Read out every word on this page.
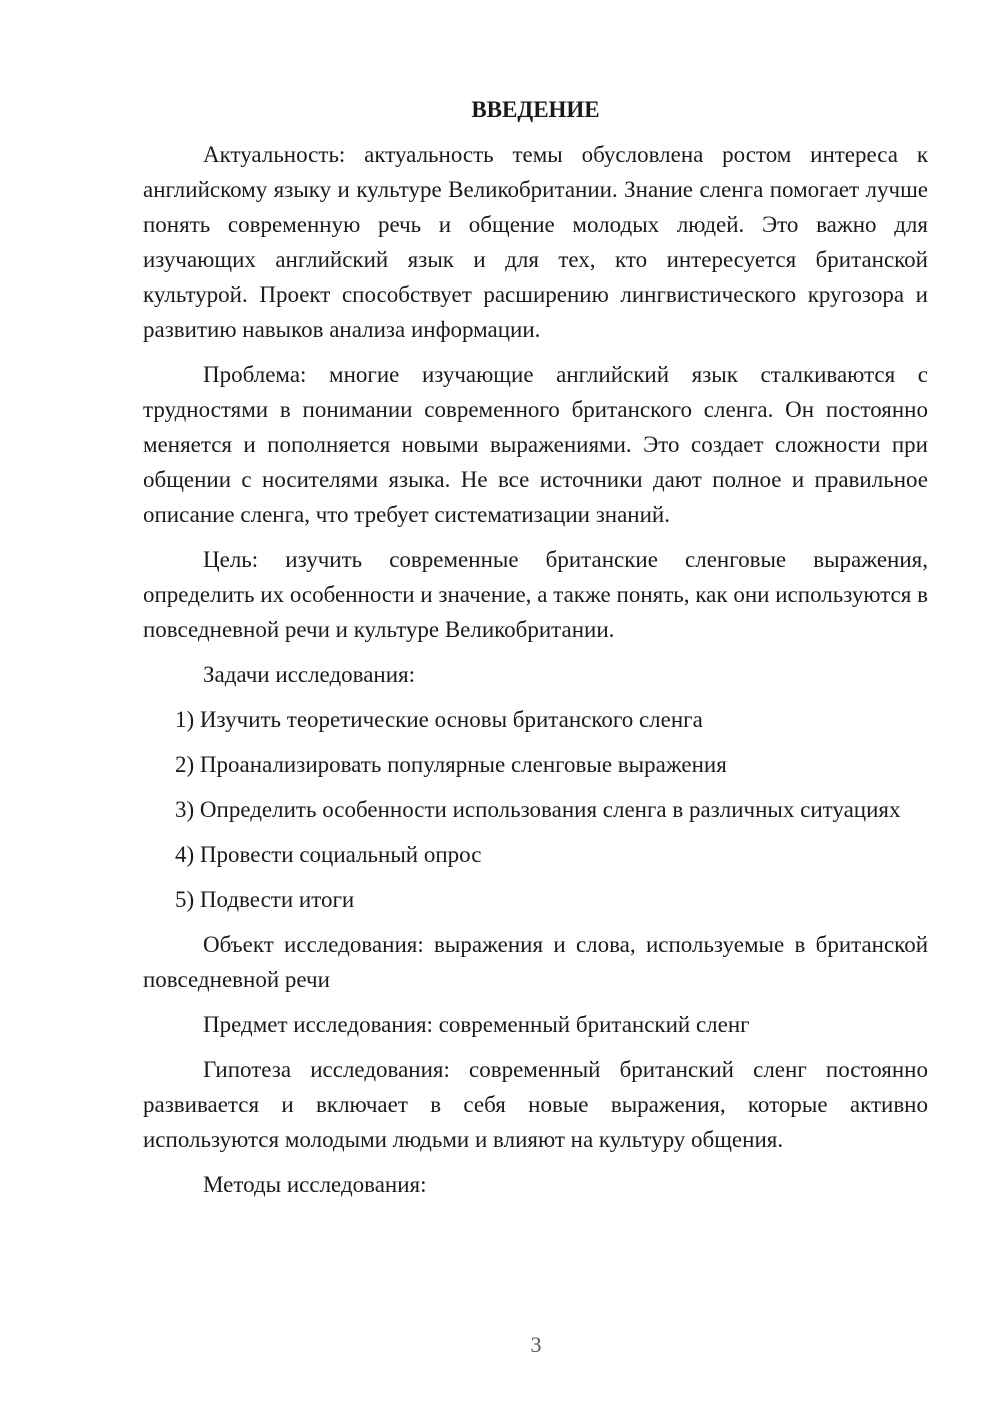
ВВЕДЕНИЕ

Актуальность: актуальность темы обусловлена ростом интереса к английскому языку и культуре Великобритании. Знание сленга помогает лучше понять современную речь и общение молодых людей. Это важно для изучающих английский язык и для тех, кто интересуется британской культурой. Проект способствует расширению лингвистического кругозора и развитию навыков анализа информации.

Проблема: многие изучающие английский язык сталкиваются с трудностями в понимании современного британского сленга. Он постоянно меняется и пополняется новыми выражениями. Это создает сложности при общении с носителями языка. Не все источники дают полное и правильное описание сленга, что требует систематизации знаний.

Цель: изучить современные британские сленговые выражения, определить их особенности и значение, а также понять, как они используются в повседневной речи и культуре Великобритании.

Задачи исследования:

1) Изучить теоретические основы британского сленга

2) Проанализировать популярные сленговые выражения

3) Определить особенности использования сленга в различных ситуациях

4) Провести социальный опрос

5) Подвести итоги

Объект исследования: выражения и слова, используемые в британской повседневной речи

Предмет исследования: современный британский сленг

Гипотеза исследования: современный британский сленг постоянно развивается и включает в себя новые выражения, которые активно используются молодыми людьми и влияют на культуру общения.

Методы исследования:

3
